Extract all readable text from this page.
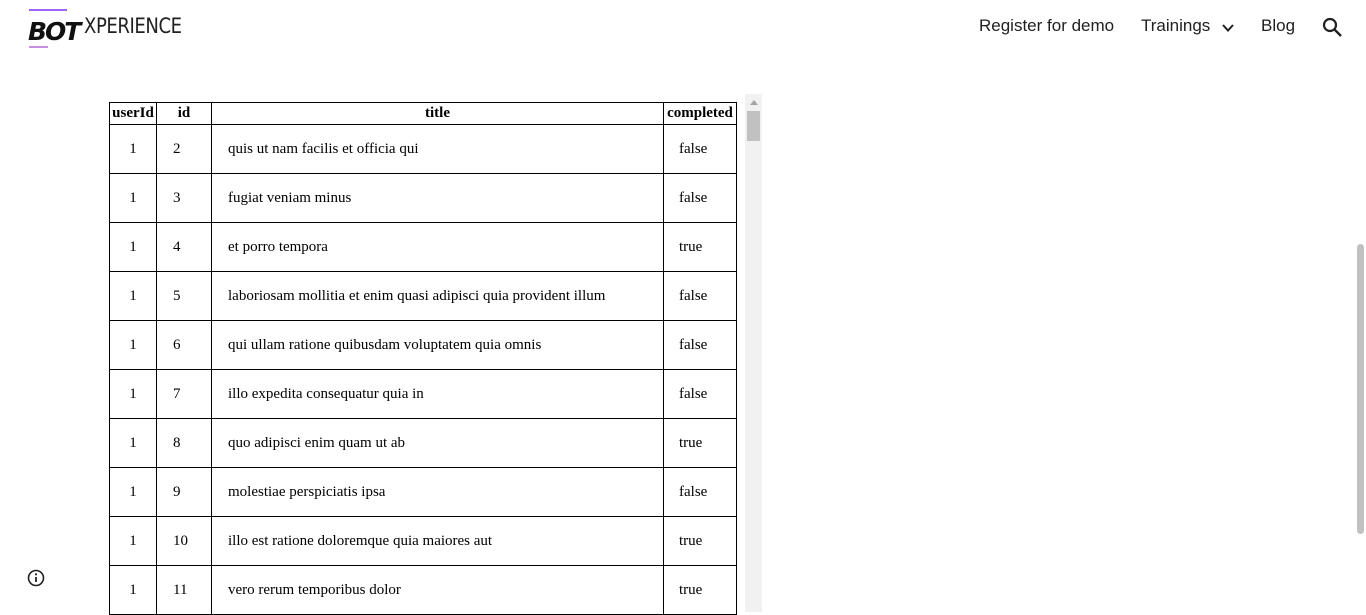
BOT XPERIENCE	Register for demo Trainings	Blog
userId	id	title	completed
1	2	quis ut nam facilis et officia qui	false
1	3	fugiat veniam minus	false
1	4	et porro tempora	true
1	5	laboriosam mollitia et enim quasi adipisci quia provident illum	false
1	6	qui ullam ratione quibusdam voluptatem quia omnis	false
1	7	illo expedita consequatur quia in	false
1	8	quo adipisci enim quam ut ab	true
1	9	molestiae perspiciatis ipsa	false
1	10	illo est ratione doloremque quia maiores aut	true
1	11	vero rerum temporibus dolor	true
